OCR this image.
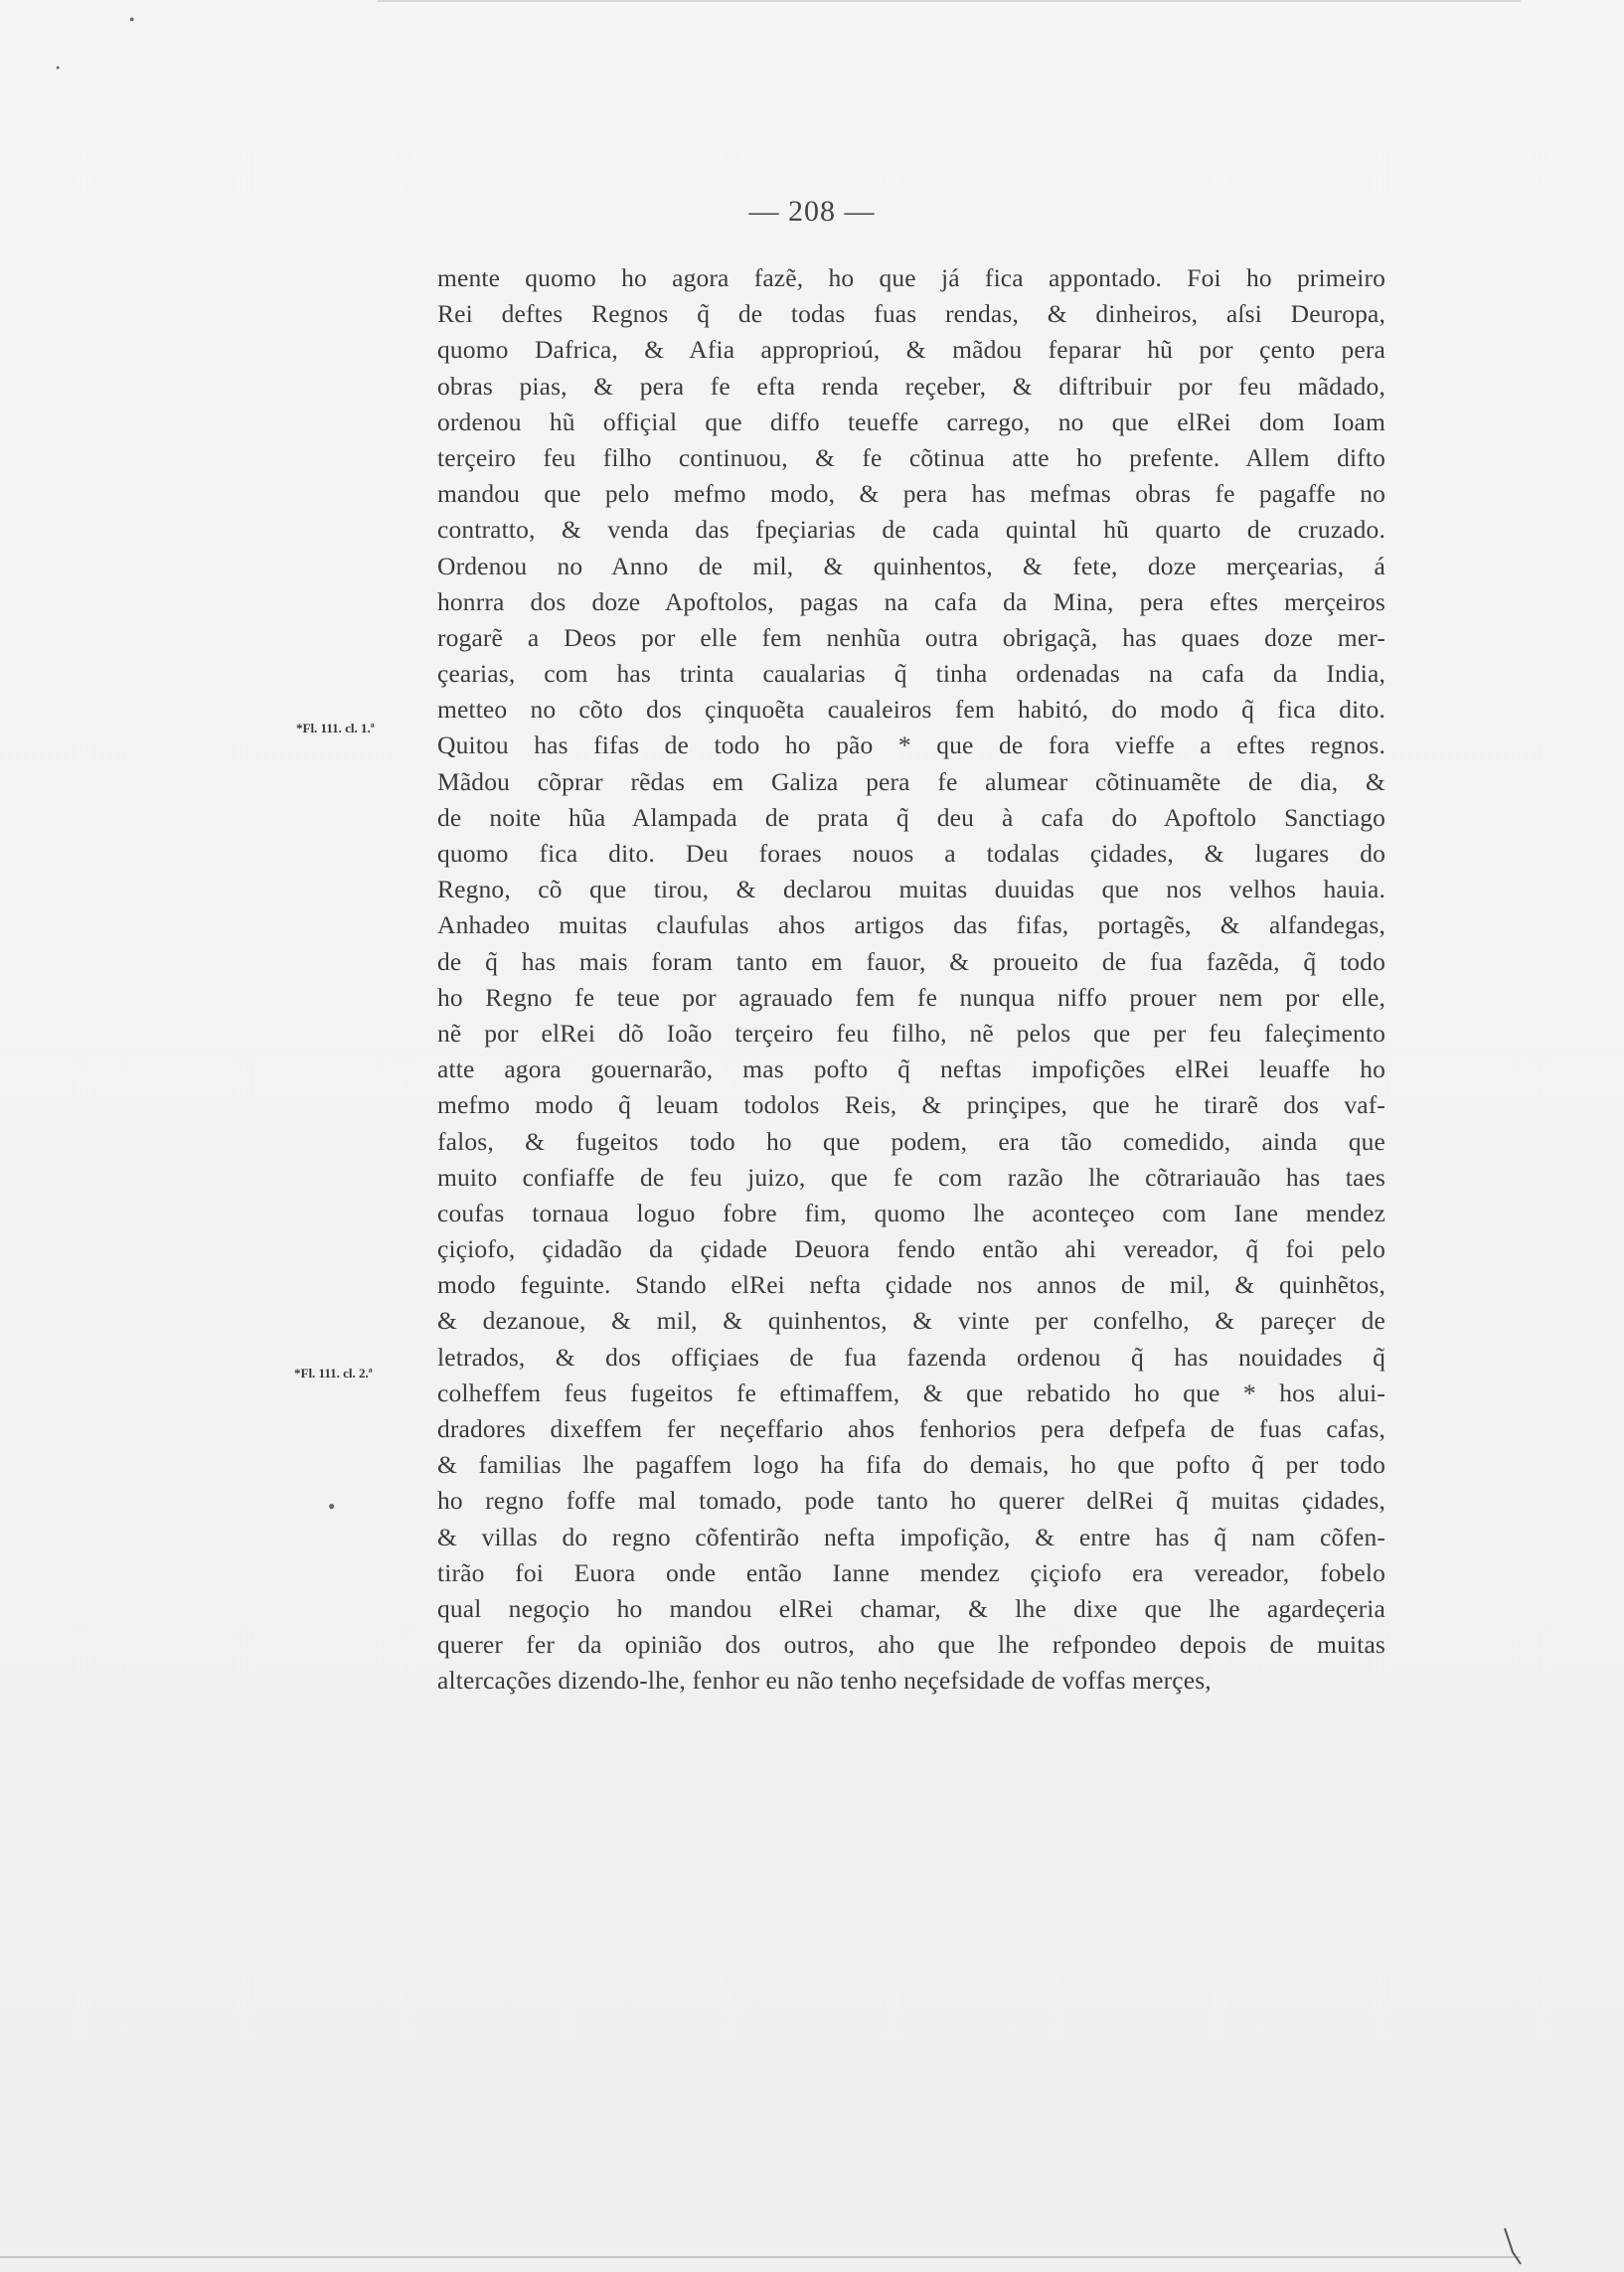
— 208 —
*Fl. 111. cl. 1.ª
*Fl. 111. cl. 2.ª
●
●
●
mente quomo ho agora fazẽ, ho que já fica appontado. Foi ho primeiro
Rei deftes Regnos q̃ de todas fuas rendas, & dinheiros, aſsi Deuropa,
quomo Dafrica, & Afia approprioú, & mãdou feparar hũ por çento pera
obras pias, & pera fe efta renda reçeber, & diftribuir por feu mãdado,
ordenou hũ offiçial que diffo teueffe carrego, no que elRei dom Ioam
terçeiro feu filho continuou, & fe cõtinua atte ho prefente. Allem difto
mandou que pelo mefmo modo, & pera has mefmas obras fe pagaffe no
contratto, & venda das fpeçiarias de cada quintal hũ quarto de cruzado.
Ordenou no Anno de mil, & quinhentos, & fete, doze merçearias, á
honrra dos doze Apoftolos, pagas na cafa da Mina, pera eftes merçeiros
rogarẽ a Deos por elle fem nenhũa outra obrigaçã, has quaes doze mer-
çearias, com has trinta caualarias q̃ tinha ordenadas na cafa da India,
metteo no cõto dos çinquoẽta caualeiros fem habitó, do modo q̃ fica dito.
Quitou has fifas de todo ho pão * que de fora vieffe a eftes regnos.
Mãdou cõprar rẽdas em Galiza pera fe alumear cõtinuamẽte de dia, &
de noite hũa Alampada de prata q̃ deu à cafa do Apoftolo Sanctiago
quomo fica dito. Deu foraes nouos a todalas çidades, & lugares do
Regno, cõ que tirou, & declarou muitas duuidas que nos velhos hauia.
Anhadeo muitas claufulas ahos artigos das fifas, portagẽs, & alfandegas,
de q̃ has mais foram tanto em fauor, & proueito de fua fazẽda, q̃ todo
ho Regno fe teue por agrauado fem fe nunqua niffo prouer nem por elle,
nẽ por elRei dõ Ioão terçeiro feu filho, nẽ pelos que per feu faleçimento
atte agora gouernarão, mas pofto q̃ neftas impofições elRei leuaffe ho
mefmo modo q̃ leuam todolos Reis, & prinçipes, que he tirarẽ dos vaf-
falos, & fugeitos todo ho que podem, era tão comedido, ainda que
muito confiaffe de feu juizo, que fe com razão lhe cõtrariauão has taes
coufas tornaua loguo fobre fim, quomo lhe aconteçeo com Iane mendez
çiçiofo, çidadão da çidade Deuora fendo então ahi vereador, q̃ foi pelo
modo feguinte. Stando elRei nefta çidade nos annos de mil, & quinhẽtos,
& dezanoue, & mil, & quinhentos, & vinte per confelho, & pareçer de
letrados, & dos offiçiaes de fua fazenda ordenou q̃ has nouidades q̃
colheffem feus fugeitos fe eftimaffem, & que rebatido ho que * hos alui-
dradores dixeffem fer neçeffario ahos fenhorios pera defpefa de fuas cafas,
& familias lhe pagaffem logo ha fifa do demais, ho que pofto q̃ per todo
ho regno foffe mal tomado, pode tanto ho querer delRei q̃ muitas çidades,
& villas do regno cõfentirão nefta impofição, & entre has q̃ nam cõfen-
tirão foi Euora onde então Ianne mendez çiçiofo era vereador, fobelo
qual negoçio ho mandou elRei chamar, & lhe dixe que lhe agardeçeria
querer fer da opinião dos outros, aho que lhe refpondeo depois de muitas
altercações dizendo-lhe, fenhor eu não tenho neçefsidade de voffas merçes,
